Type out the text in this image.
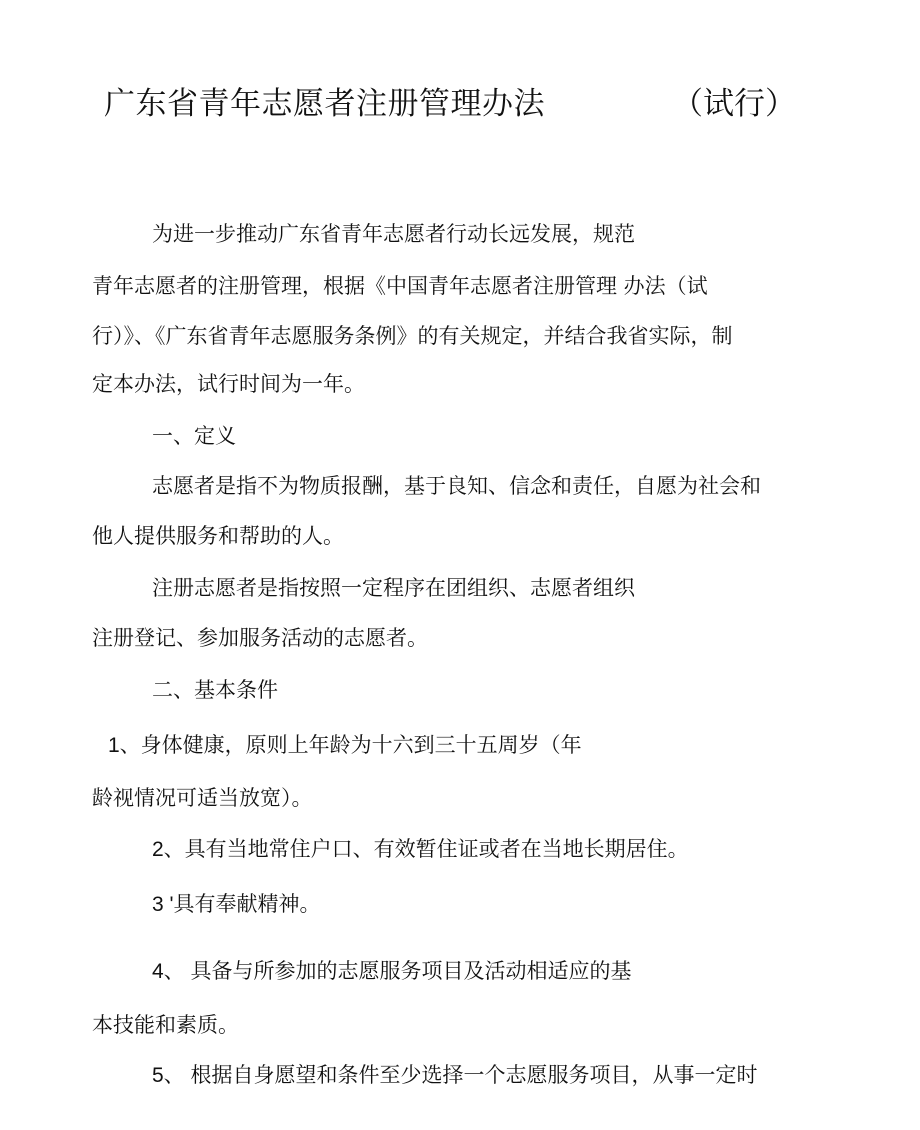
广东省青年志愿者注册管理办法	（试行）
为进一步推动广东省青年志愿者行动长远发展，规范
青年志愿者的注册管理，根据《中国青年志愿者注册管理 办法（试
行）》、《广东省青年志愿服务条例》的有关规定，并结合我省实际，制
定本办法，试行时间为一年。
一、定义
志愿者是指不为物质报酬，基于良知、信念和责任，自愿为社会和
他人提供服务和帮助的人。
注册志愿者是指按照一定程序在团组织、志愿者组织
注册登记、参加服务活动的志愿者。
二、基本条件
1、身体健康，原则上年龄为十六到三十五周岁（年
龄视情况可适当放宽）。
2、具有当地常住户口、有效暂住证或者在当地长期居住。
3 '具有奉献精神。
4、 具备与所参加的志愿服务项目及活动相适应的基
本技能和素质。
5、 根据自身愿望和条件至少选择一个志愿服务项目，从事一定时
